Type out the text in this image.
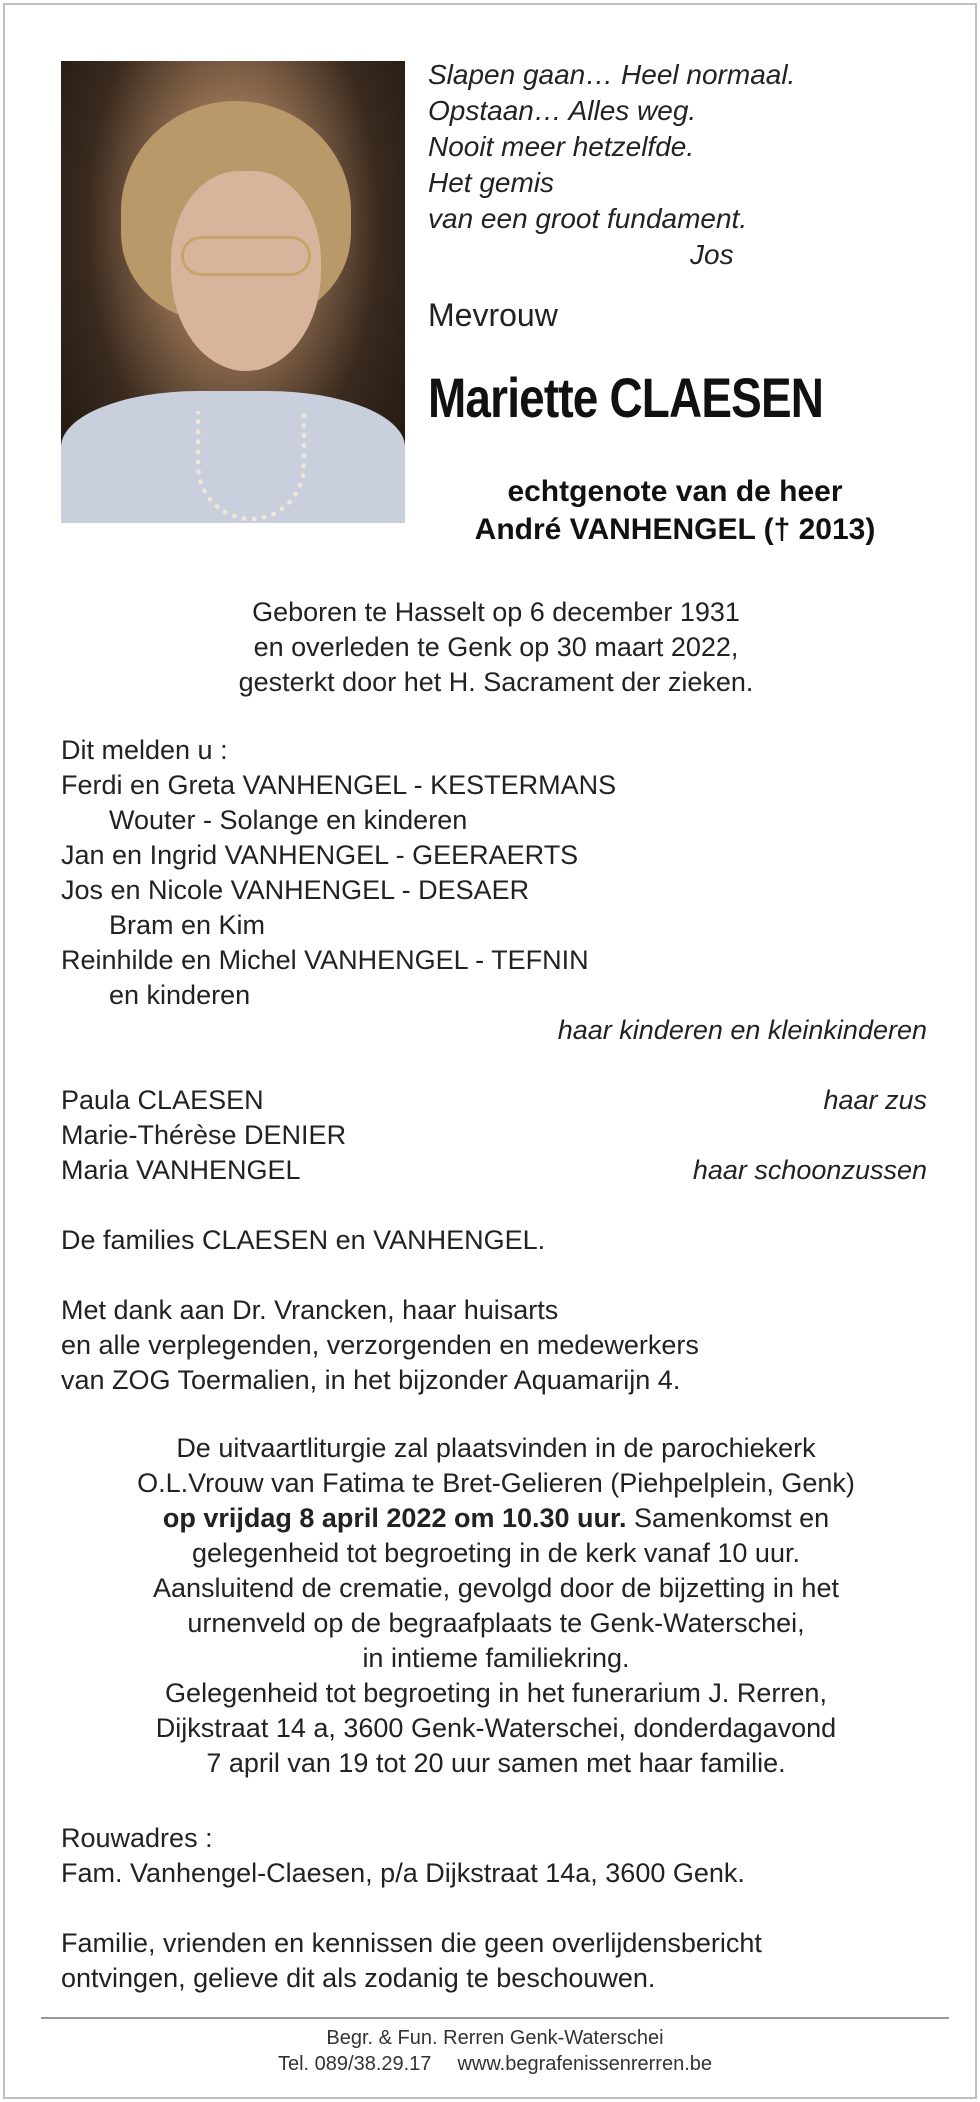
Slapen gaan… Heel normaal.
Opstaan… Alles weg.
Nooit meer hetzelfde.
Het gemis
van een groot fundament.
Jos
Mevrouw
Mariette CLAESEN
echtgenote van de heer
André VANHENGEL († 2013)
Geboren te Hasselt op 6 december 1931
en overleden te Genk op 30 maart 2022,
gesterkt door het H. Sacrament der zieken.
Dit melden u :
Ferdi en Greta VANHENGEL - KESTERMANS
Wouter - Solange en kinderen
Jan en Ingrid VANHENGEL - GEERAERTS
Jos en Nicole VANHENGEL - DESAER
Bram en Kim
Reinhilde en Michel VANHENGEL - TEFNIN
en kinderen
haar kinderen en kleinkinderen
Paula CLAESEN	haar zus
Marie-Thérèse DENIER
Maria VANHENGEL	haar schoonzussen
De families CLAESEN en VANHENGEL.
Met dank aan Dr. Vrancken, haar huisarts
en alle verplegenden, verzorgenden en medewerkers
van ZOG Toermalien, in het bijzonder Aquamarijn 4.
De uitvaartliturgie zal plaatsvinden in de parochiekerk
O.L.Vrouw van Fatima te Bret-Gelieren (Piehpelplein, Genk)
op vrijdag 8 april 2022 om 10.30 uur. Samenkomst en
gelegenheid tot begroeting in de kerk vanaf 10 uur.
Aansluitend de crematie, gevolgd door de bijzetting in het
urnenveld op de begraafplaats te Genk-Waterschei,
in intieme familiekring.
Gelegenheid tot begroeting in het funerarium J. Rerren,
Dijkstraat 14 a, 3600 Genk-Waterschei, donderdagavond
7 april van 19 tot 20 uur samen met haar familie.
Rouwadres :
Fam. Vanhengel-Claesen, p/a Dijkstraat 14a, 3600 Genk.
Familie, vrienden en kennissen die geen overlijdensbericht
ontvingen, gelieve dit als zodanig te beschouwen.
Begr. & Fun. Rerren Genk-Waterschei
Tel. 089/38.29.17 www.begrafenissenrerren.be
